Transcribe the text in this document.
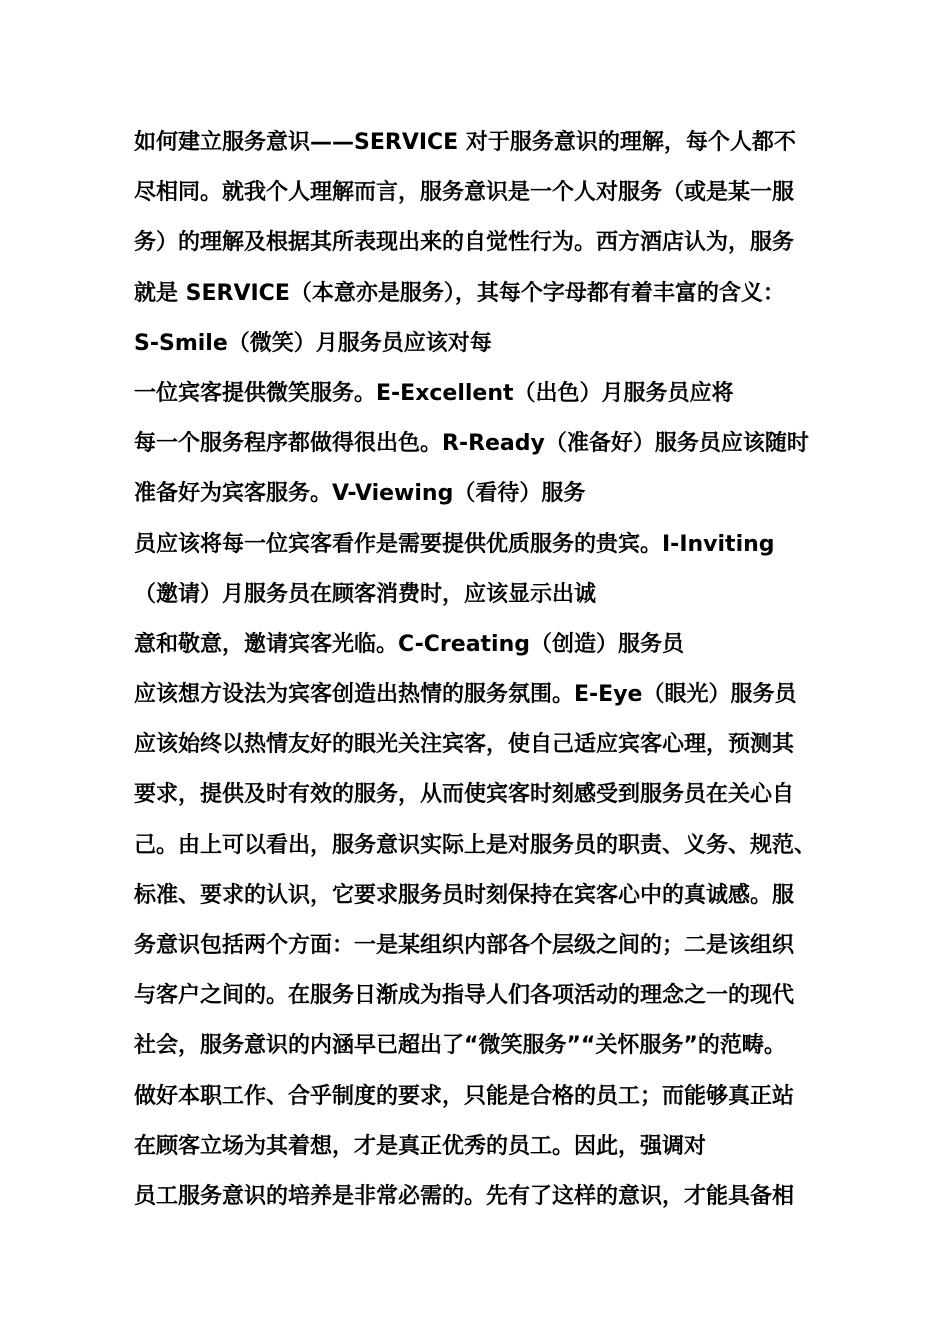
如何建立服务意识——SERVICE 对于服务意识的理解，每个人都不
尽相同。就我个人理解而言，服务意识是一个人对服务（或是某一服
务）的理解及根据其所表现出来的自觉性行为。西方酒店认为，服务
就是 SERVICE（本意亦是服务），其每个字母都有着丰富的含义：
S-Smile（微笑）月服务员应该对每
一位宾客提供微笑服务。E-Excellent（出色）月服务员应将
每一个服务程序都做得很出色。R-Ready（准备好）服务员应该随时
准备好为宾客服务。V-Viewing（看待）服务
员应该将每一位宾客看作是需要提供优质服务的贵宾。I-Inviting
（邀请）月服务员在顾客消费时，应该显示出诚
意和敬意，邀请宾客光临。C-Creating（创造）服务员
应该想方设法为宾客创造出热情的服务氛围。E-Eye（眼光）服务员
应该始终以热情友好的眼光关注宾客，使自己适应宾客心理，预测其
要求，提供及时有效的服务，从而使宾客时刻感受到服务员在关心自
己。由上可以看出，服务意识实际上是对服务员的职责、义务、规范、
标准、要求的认识，它要求服务员时刻保持在宾客心中的真诚感。服
务意识包括两个方面：一是某组织内部各个层级之间的；二是该组织
与客户之间的。在服务日渐成为指导人们各项活动的理念之一的现代
社会，服务意识的内涵早已超出了“微笑服务”“关怀服务”的范畴。
做好本职工作、合乎制度的要求，只能是合格的员工；而能够真正站
在顾客立场为其着想，才是真正优秀的员工。因此，强调对
员工服务意识的培养是非常必需的。先有了这样的意识，才能具备相
